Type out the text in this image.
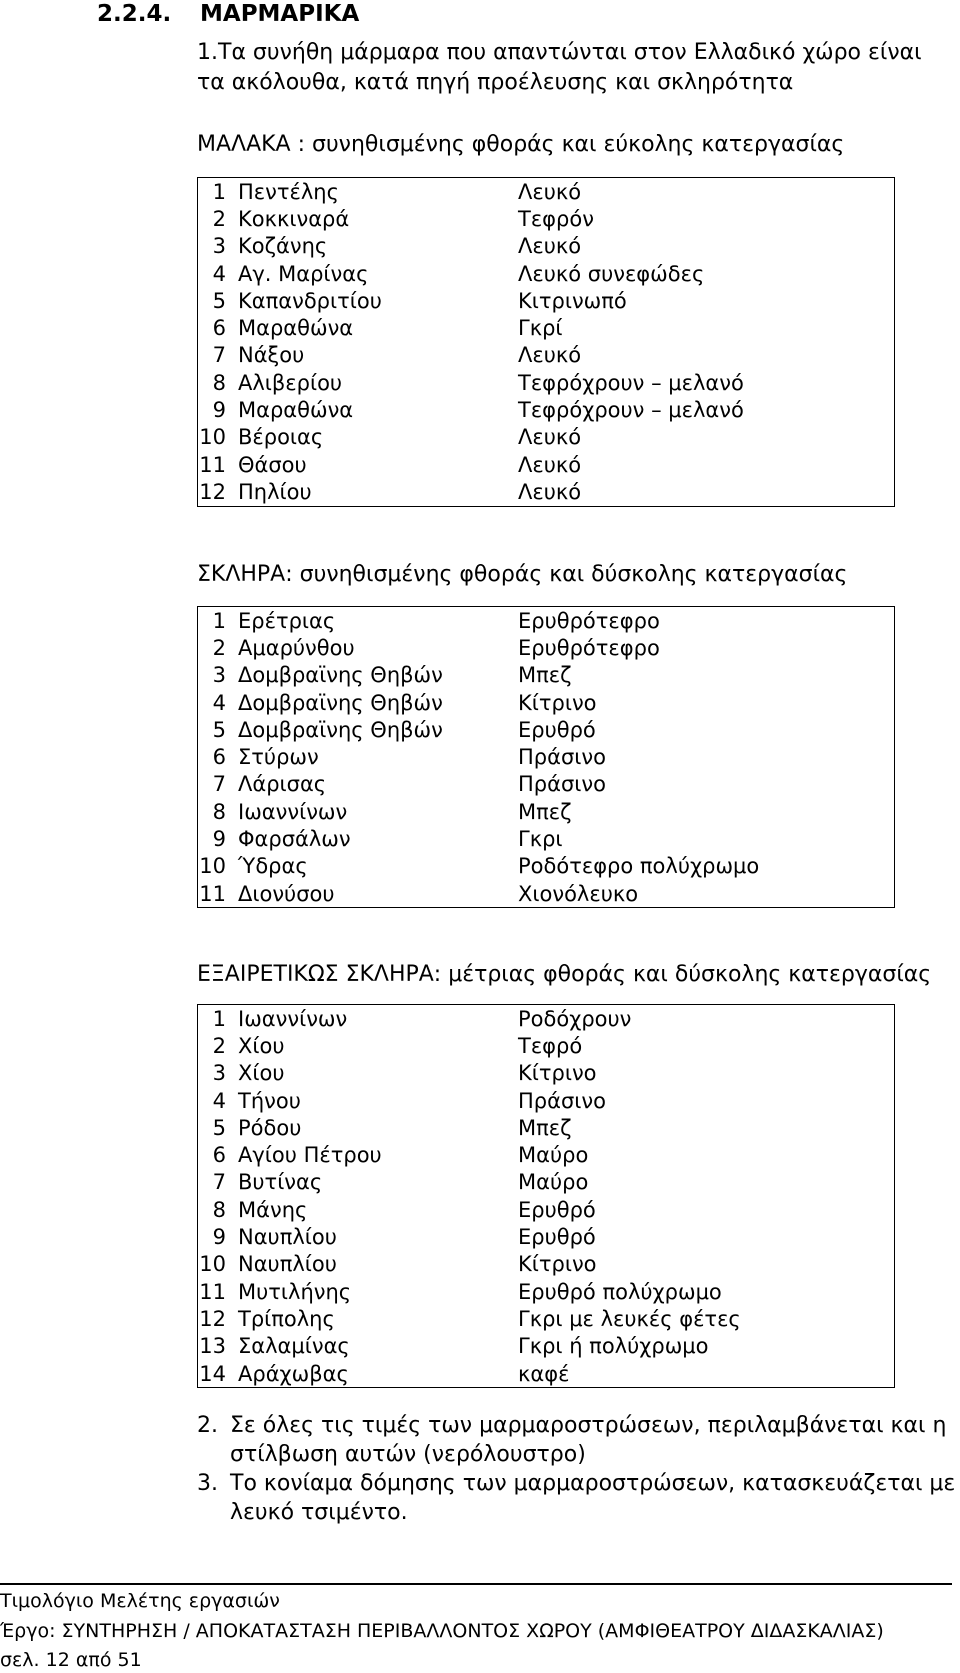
2.2.4. ΜΑΡΜΑΡΙΚΑ
1. Τα συνήθη μάρμαρα που απαντώνται στον Ελλαδικό χώρο είναι
τα ακόλουθα, κατά πηγή προέλευσης και σκληρότητα
ΜΑΛΑΚΑ : συνηθισμένης φθοράς και εύκολης κατεργασίας
ΣΚΛΗΡΑ: συνηθισμένης φθοράς και δύσκολης κατεργασίας
ΕΞΑΙΡΕΤΙΚΩΣ ΣΚΛΗΡΑ: μέτριας φθοράς και δύσκολης κατεργασίας
1	Πεντέλης	Λευκό
2	Κοκκιναρά	Τεφρόν
3	Κοζάνης	Λευκό
4	Αγ. Μαρίνας	Λευκό συνεφώδες
5	Καπανδριτίου	Κιτρινωπό
6	Μαραθώνα	Γκρί
7	Νάξου	Λευκό
8	Αλιβερίου	Τεφρόχρουν – μελανό
9	Μαραθώνα	Τεφρόχρουν – μελανό
10	Βέροιας	Λευκό
11	Θάσου	Λευκό
12	Πηλίου	Λευκό
1	Ερέτριας	Ερυθρότεφρο
2	Αμαρύνθου	Ερυθρότεφρο
3	Δομβραϊνης Θηβών	Μπεζ
4	Δομβραϊνης Θηβών	Κίτρινο
5	Δομβραϊνης Θηβών	Ερυθρό
6	Στύρων	Πράσινο
7	Λάρισας	Πράσινο
8	Ιωαννίνων	Μπεζ
9	Φαρσάλων	Γκρι
10	Ύδρας	Ροδότεφρο πολύχρωμο
11	Διονύσου	Χιονόλευκο
1	Ιωαννίνων	Ροδόχρουν
2	Χίου	Τεφρό
3	Χίου	Κίτρινο
4	Τήνου	Πράσινο
5	Ρόδου	Μπεζ
6	Αγίου Πέτρου	Μαύρο
7	Βυτίνας	Μαύρο
8	Μάνης	Ερυθρό
9	Ναυπλίου	Ερυθρό
10	Ναυπλίου	Κίτρινο
11	Μυτιλήνης	Ερυθρό πολύχρωμο
12	Τρίπολης	Γκρι με λευκές φέτες
13	Σαλαμίνας	Γκρι ή πολύχρωμο
14	Αράχωβας	καφέ
2. Σε όλες τις τιμές των μαρμαροστρώσεων, περιλαμβάνεται και η
στίλβωση αυτών (νερόλουστρο)
3. Το κονίαμα δόμησης των μαρμαροστρώσεων, κατασκευάζεται με
λευκό τσιμέντο.
Τιμολόγιο Μελέτης εργασιών
Έργο: ΣΥΝΤΗΡΗΣΗ / ΑΠΟΚΑΤΑΣΤΑΣΗ ΠΕΡΙΒΑΛΛΟΝΤΟΣ ΧΩΡΟΥ (ΑΜΦΙΘΕΑΤΡΟΥ ΔΙΔΑΣΚΑΛΙΑΣ)
σελ. 12 από 51
